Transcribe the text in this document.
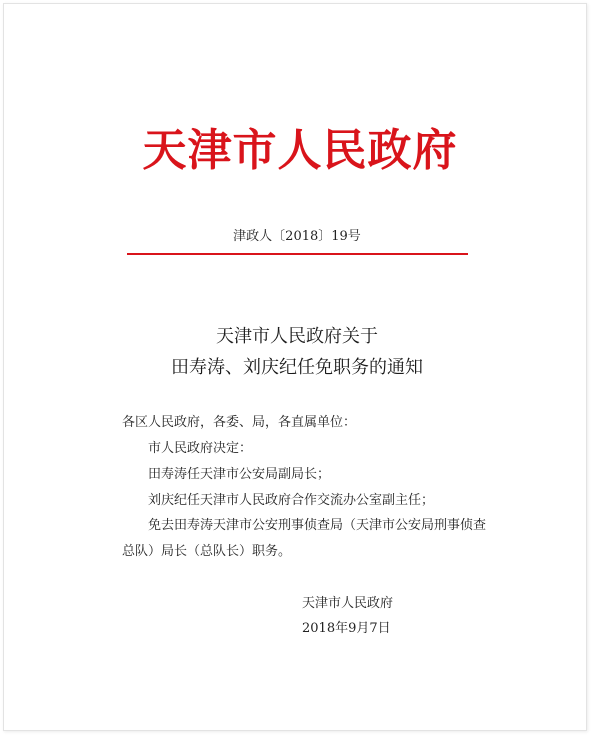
天津市人民政府
津政人〔2018〕19号
天津市人民政府关于
田寿涛、刘庆纪任免职务的通知
各区人民政府，各委、局，各直属单位：
市人民政府决定：
田寿涛任天津市公安局副局长；
刘庆纪任天津市人民政府合作交流办公室副主任；
免去田寿涛天津市公安刑事侦查局（天津市公安局刑事侦查
总队）局长（总队长）职务。
天津市人民政府
2018年9月7日
